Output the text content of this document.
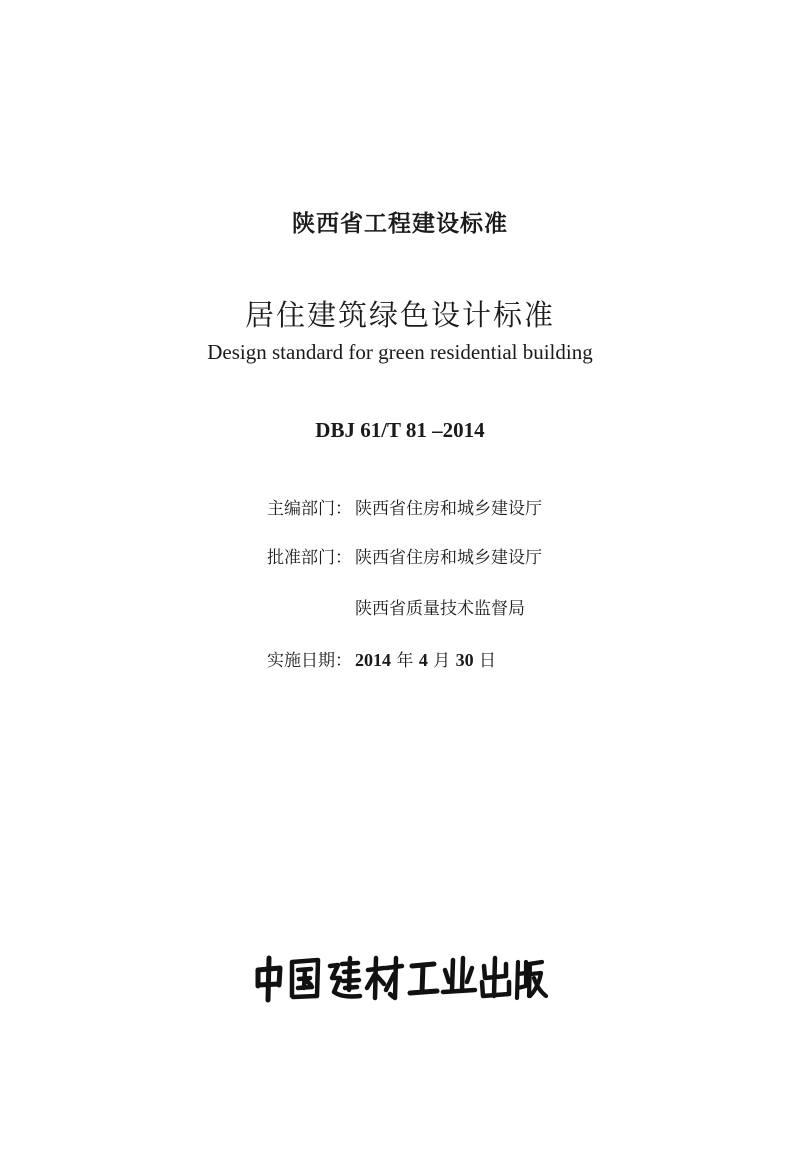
陕西省工程建设标准
居住建筑绿色设计标准
Design standard for green residential building
DBJ 61/T 81 –2014
主编部门： 陕西省住房和城乡建设厅
批准部门： 陕西省住房和城乡建设厅
陕西省质量技术监督局
实施日期： 2014 年 4 月 30 日
